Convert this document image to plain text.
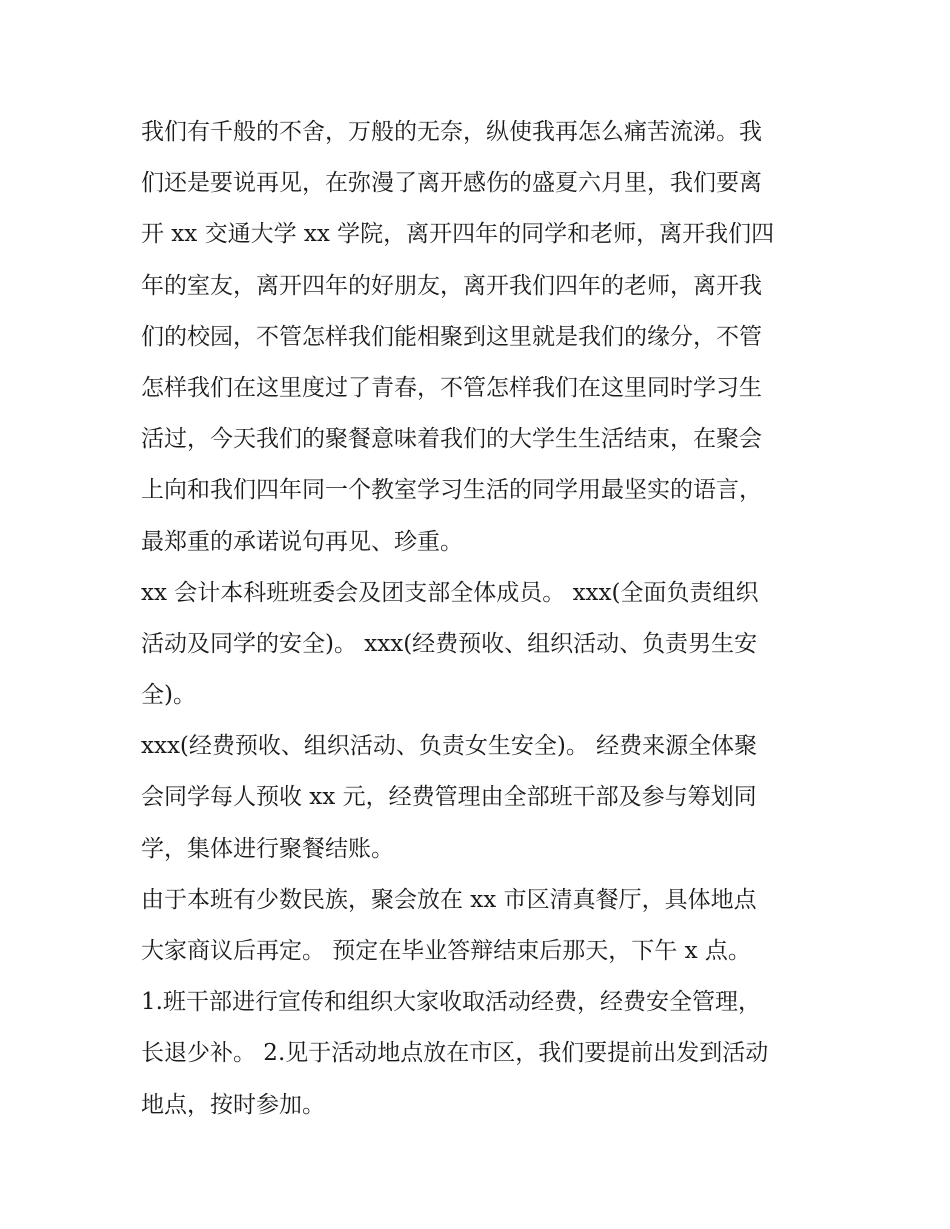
我们有千般的不舍，万般的无奈，纵使我再怎么痛苦流涕。我
们还是要说再见，在弥漫了离开感伤的盛夏六月里，我们要离
开 xx 交通大学 xx 学院，离开四年的同学和老师，离开我们四
年的室友，离开四年的好朋友，离开我们四年的老师，离开我
们的校园，不管怎样我们能相聚到这里就是我们的缘分，不管
怎样我们在这里度过了青春，不管怎样我们在这里同时学习生
活过，今天我们的聚餐意味着我们的大学生生活结束，在聚会
上向和我们四年同一个教室学习生活的同学用最坚实的语言，
最郑重的承诺说句再见、珍重。
xx 会计本科班班委会及团支部全体成员。 xxx(全面负责组织
活动及同学的安全)。 xxx(经费预收、组织活动、负责男生安
全)。
xxx(经费预收、组织活动、负责女生安全)。 经费来源全体聚
会同学每人预收 xx 元，经费管理由全部班干部及参与筹划同
学，集体进行聚餐结账。
由于本班有少数民族，聚会放在 xx 市区清真餐厅，具体地点
大家商议后再定。 预定在毕业答辩结束后那天，下午 x 点。
1.班干部进行宣传和组织大家收取活动经费，经费安全管理，
长退少补。 2.见于活动地点放在市区，我们要提前出发到活动
地点，按时参加。
